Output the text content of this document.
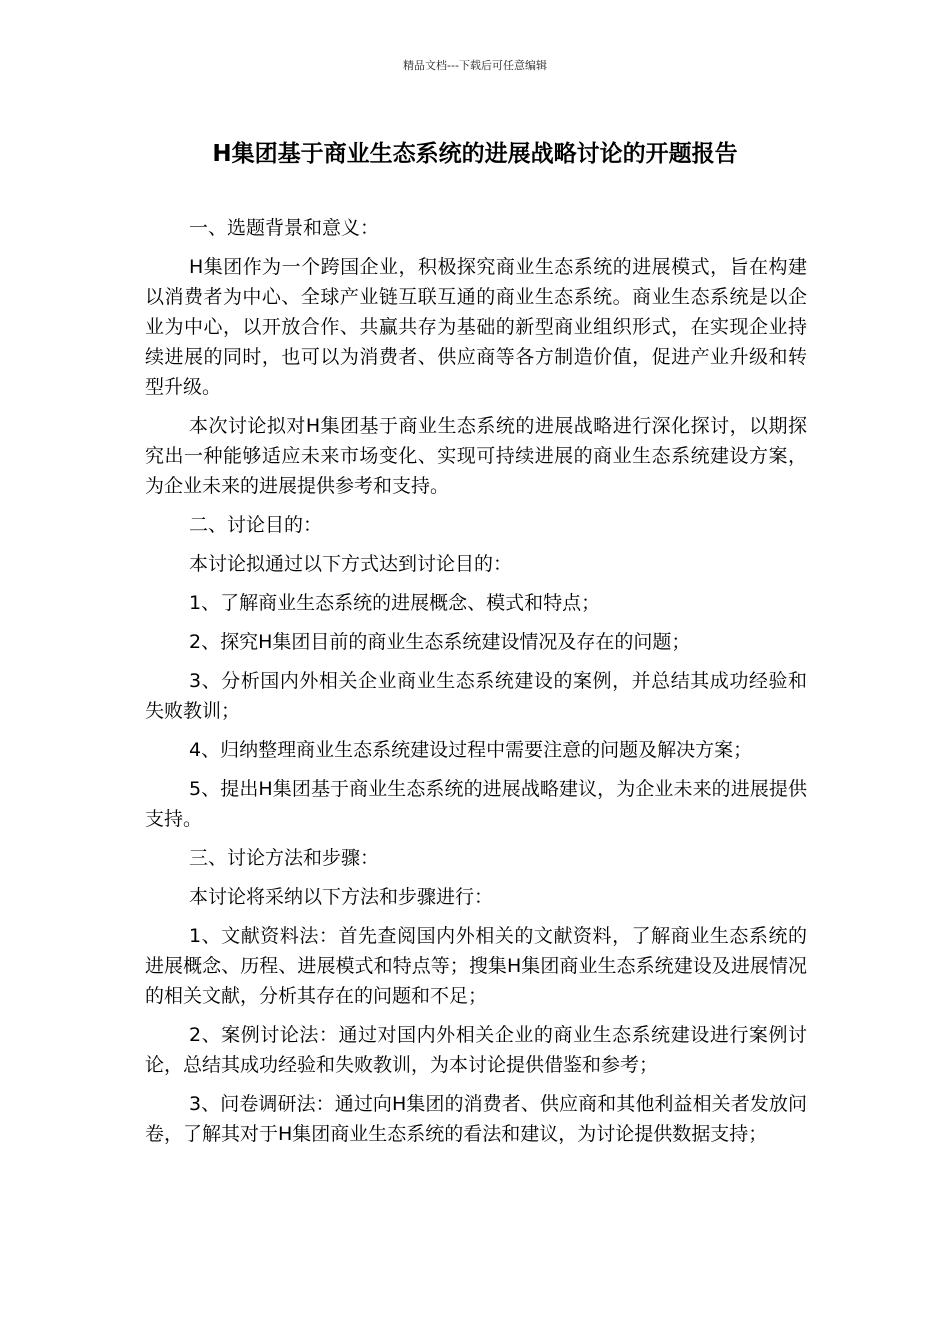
精品文档---下载后可任意编辑
H集团基于商业生态系统的进展战略讨论的开题报告

一、选题背景和意义：

H集团作为一个跨国企业，积极探究商业生态系统的进展模式，旨在构建以消费者为中心、全球产业链互联互通的商业生态系统。商业生态系统是以企业为中心，以开放合作、共赢共存为基础的新型商业组织形式，在实现企业持续进展的同时，也可以为消费者、供应商等各方制造价值，促进产业升级和转型升级。

本次讨论拟对H集团基于商业生态系统的进展战略进行深化探讨，以期探究出一种能够适应未来市场变化、实现可持续进展的商业生态系统建设方案，为企业未来的进展提供参考和支持。

二、讨论目的：

本讨论拟通过以下方式达到讨论目的：

1、了解商业生态系统的进展概念、模式和特点；

2、探究H集团目前的商业生态系统建设情况及存在的问题；

3、分析国内外相关企业商业生态系统建设的案例，并总结其成功经验和失败教训；

4、归纳整理商业生态系统建设过程中需要注意的问题及解决方案；

5、提出H集团基于商业生态系统的进展战略建议，为企业未来的进展提供支持。

三、讨论方法和步骤：

本讨论将采纳以下方法和步骤进行：

1、文献资料法：首先查阅国内外相关的文献资料，了解商业生态系统的进展概念、历程、进展模式和特点等；搜集H集团商业生态系统建设及进展情况的相关文献，分析其存在的问题和不足；

2、案例讨论法：通过对国内外相关企业的商业生态系统建设进行案例讨论，总结其成功经验和失败教训，为本讨论提供借鉴和参考；

3、问卷调研法：通过向H集团的消费者、供应商和其他利益相关者发放问卷，了解其对于H集团商业生态系统的看法和建议，为讨论提供数据支持；
